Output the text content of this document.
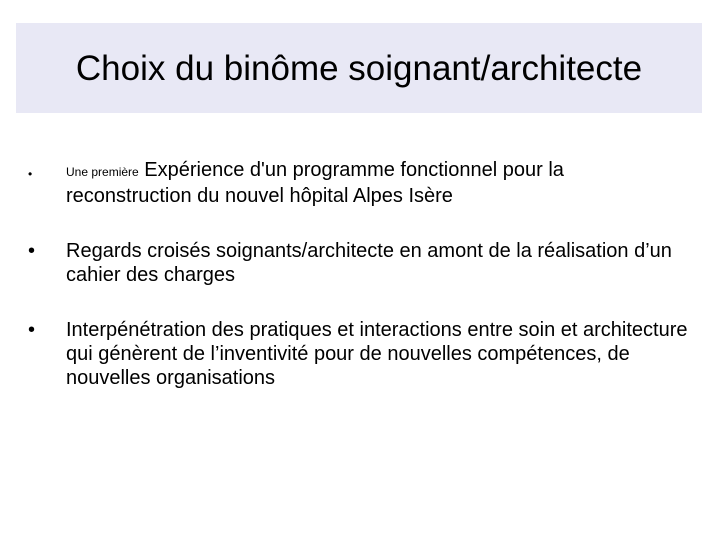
Choix du binôme soignant/architecte
•	Une première Expérience d'un programme fonctionnel pour la reconstruction du nouvel hôpital Alpes Isère
•	Regards croisés soignants/architecte en amont de la réalisation d’un cahier des charges
•	Interpénétration des pratiques et interactions entre soin et architecture qui génèrent de l’inventivité pour de nouvelles compétences, de nouvelles organisations
